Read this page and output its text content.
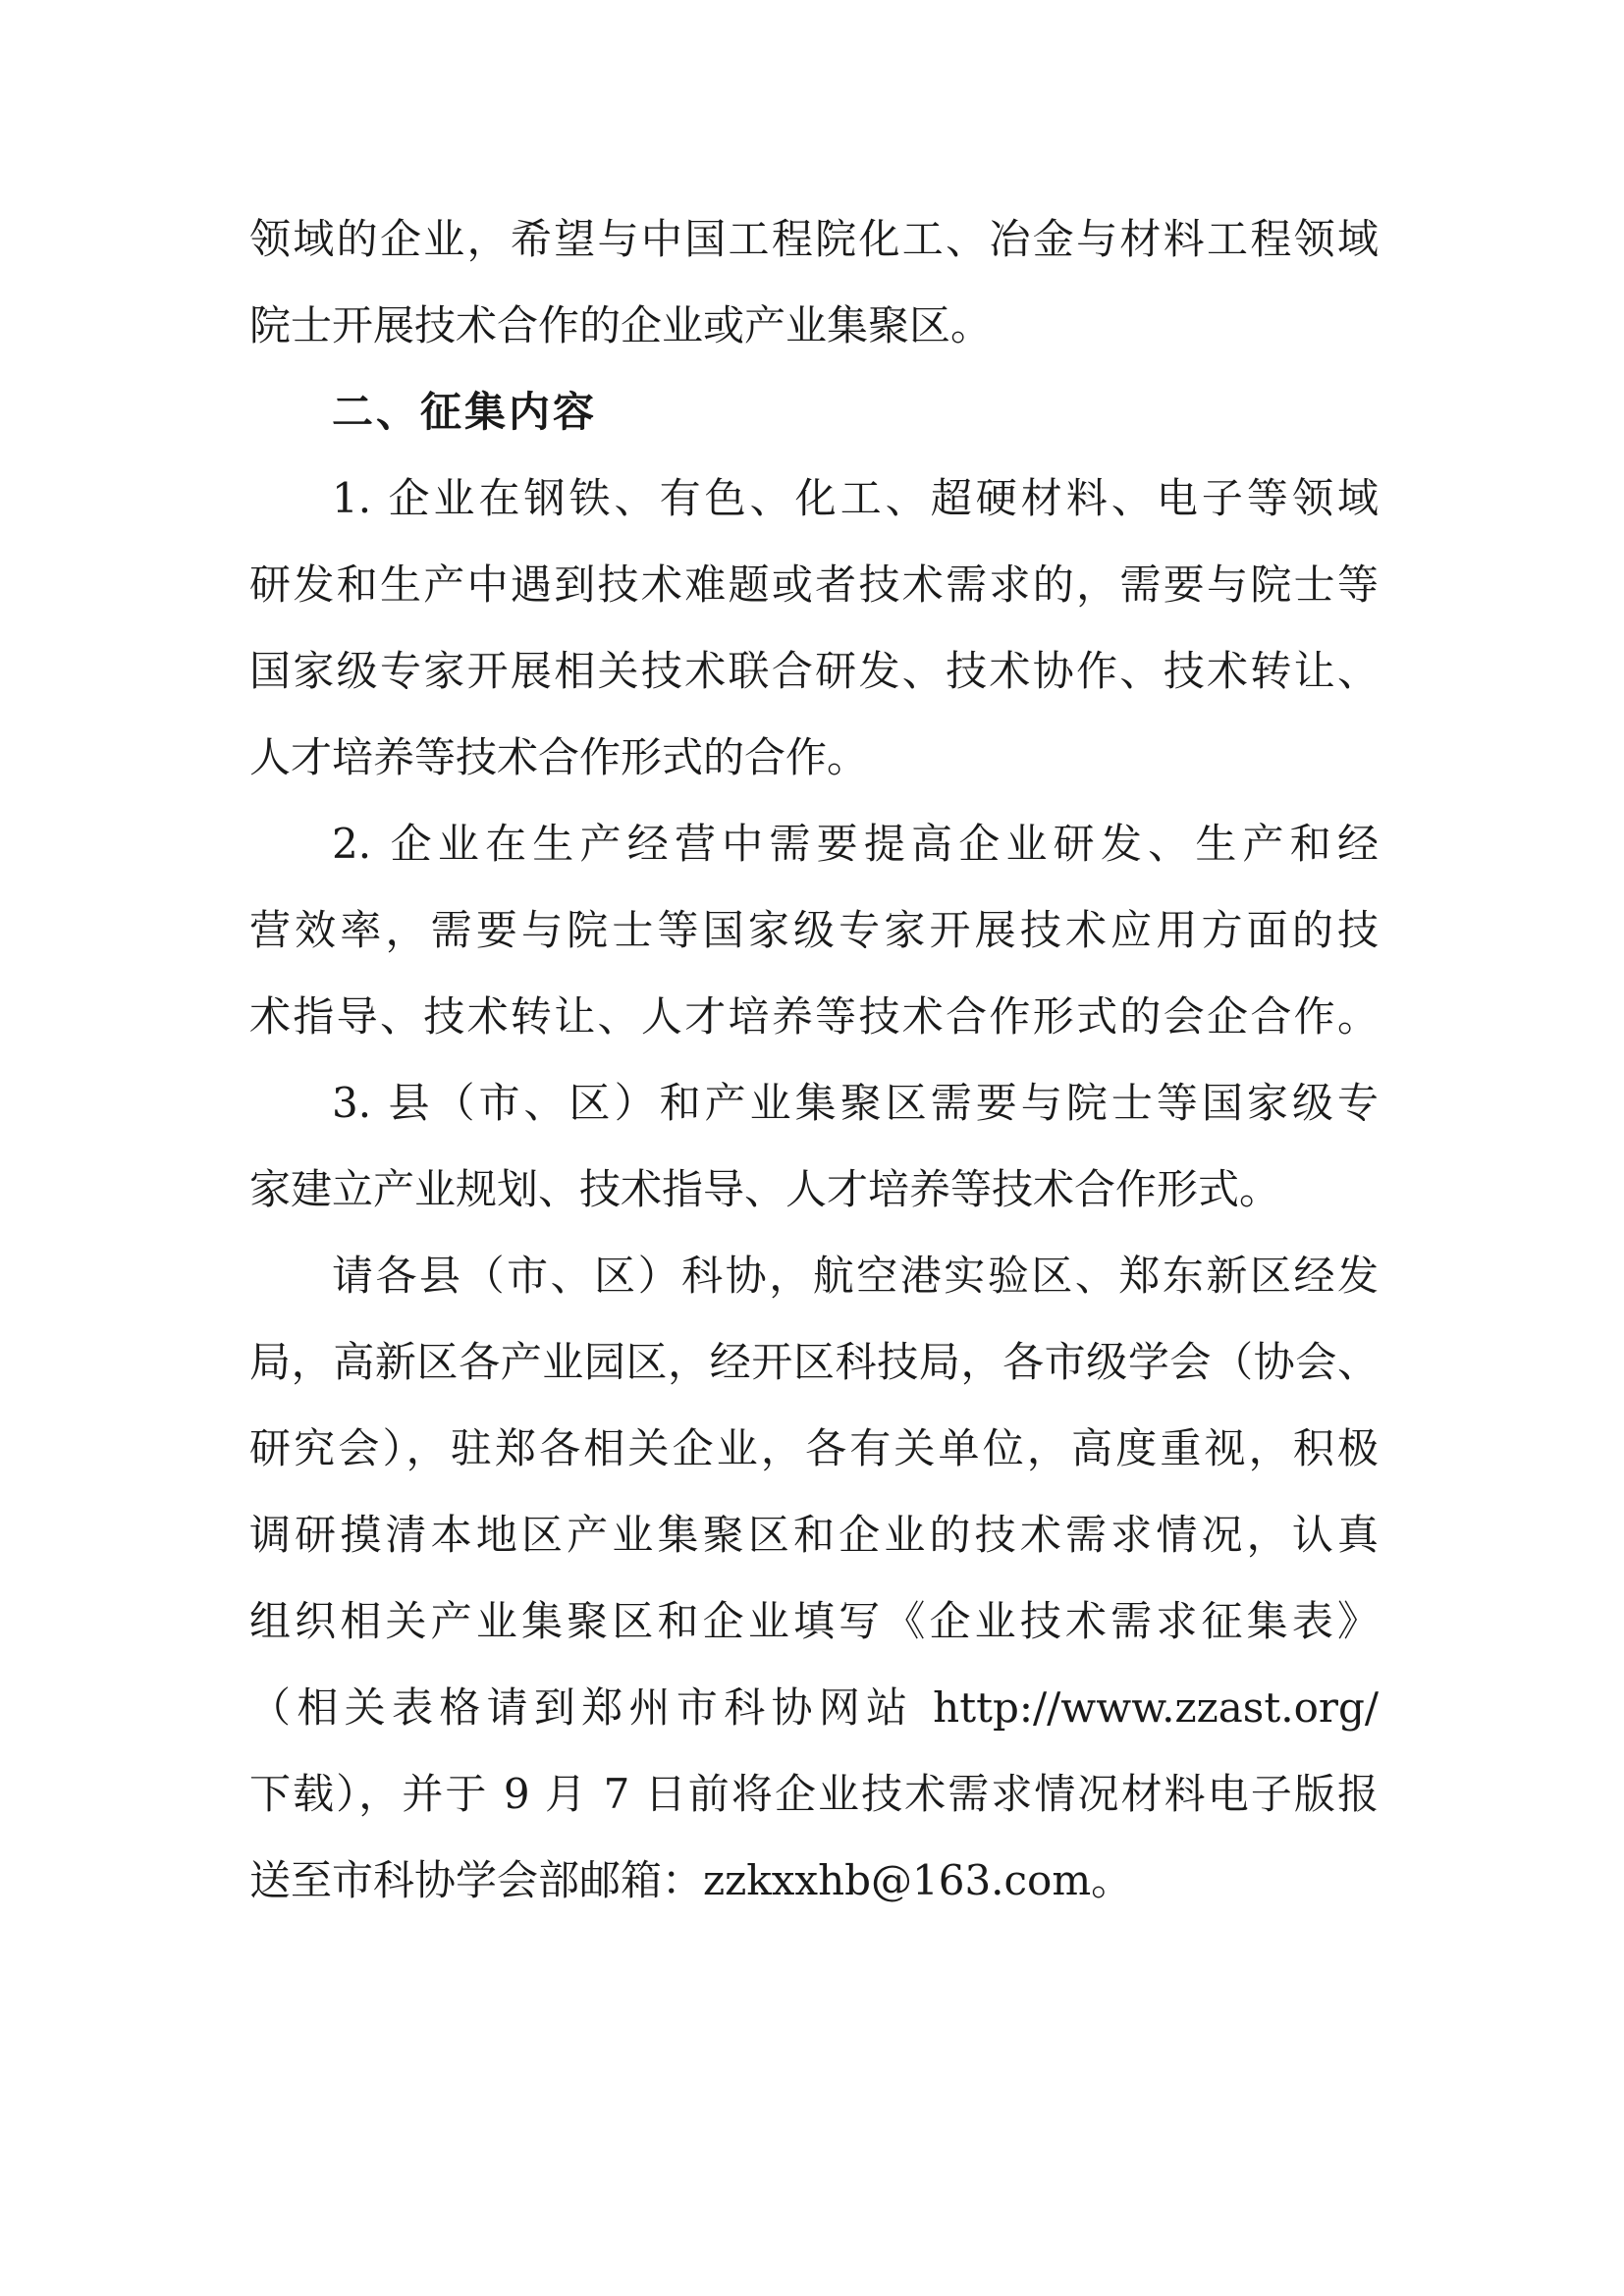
领域的企业，希望与中国工程院化工、冶金与材料工程领域
院士开展技术合作的企业或产业集聚区。
二、征集内容
1. 企业在钢铁、有色、化工、超硬材料、电子等领域
研发和生产中遇到技术难题或者技术需求的，需要与院士等
国家级专家开展相关技术联合研发、技术协作、技术转让、
人才培养等技术合作形式的合作。
2. 企业在生产经营中需要提高企业研发、生产和经
营效率，需要与院士等国家级专家开展技术应用方面的技
术指导、技术转让、人才培养等技术合作形式的会企合作。
3. 县（市、区）和产业集聚区需要与院士等国家级专
家建立产业规划、技术指导、人才培养等技术合作形式。
请各县（市、区）科协，航空港实验区、郑东新区经发
局，高新区各产业园区，经开区科技局，各市级学会（协会、
研究会），驻郑各相关企业，各有关单位，高度重视，积极
调研摸清本地区产业集聚区和企业的技术需求情况，认真
组织相关产业集聚区和企业填写《企业技术需求征集表》
（相关表格请到郑州市科协网站 http://www.zzast.org/
下载），并于 9 月 7 日前将企业技术需求情况材料电子版报
送至市科协学会部邮箱：zzkxxhb@163.com。
